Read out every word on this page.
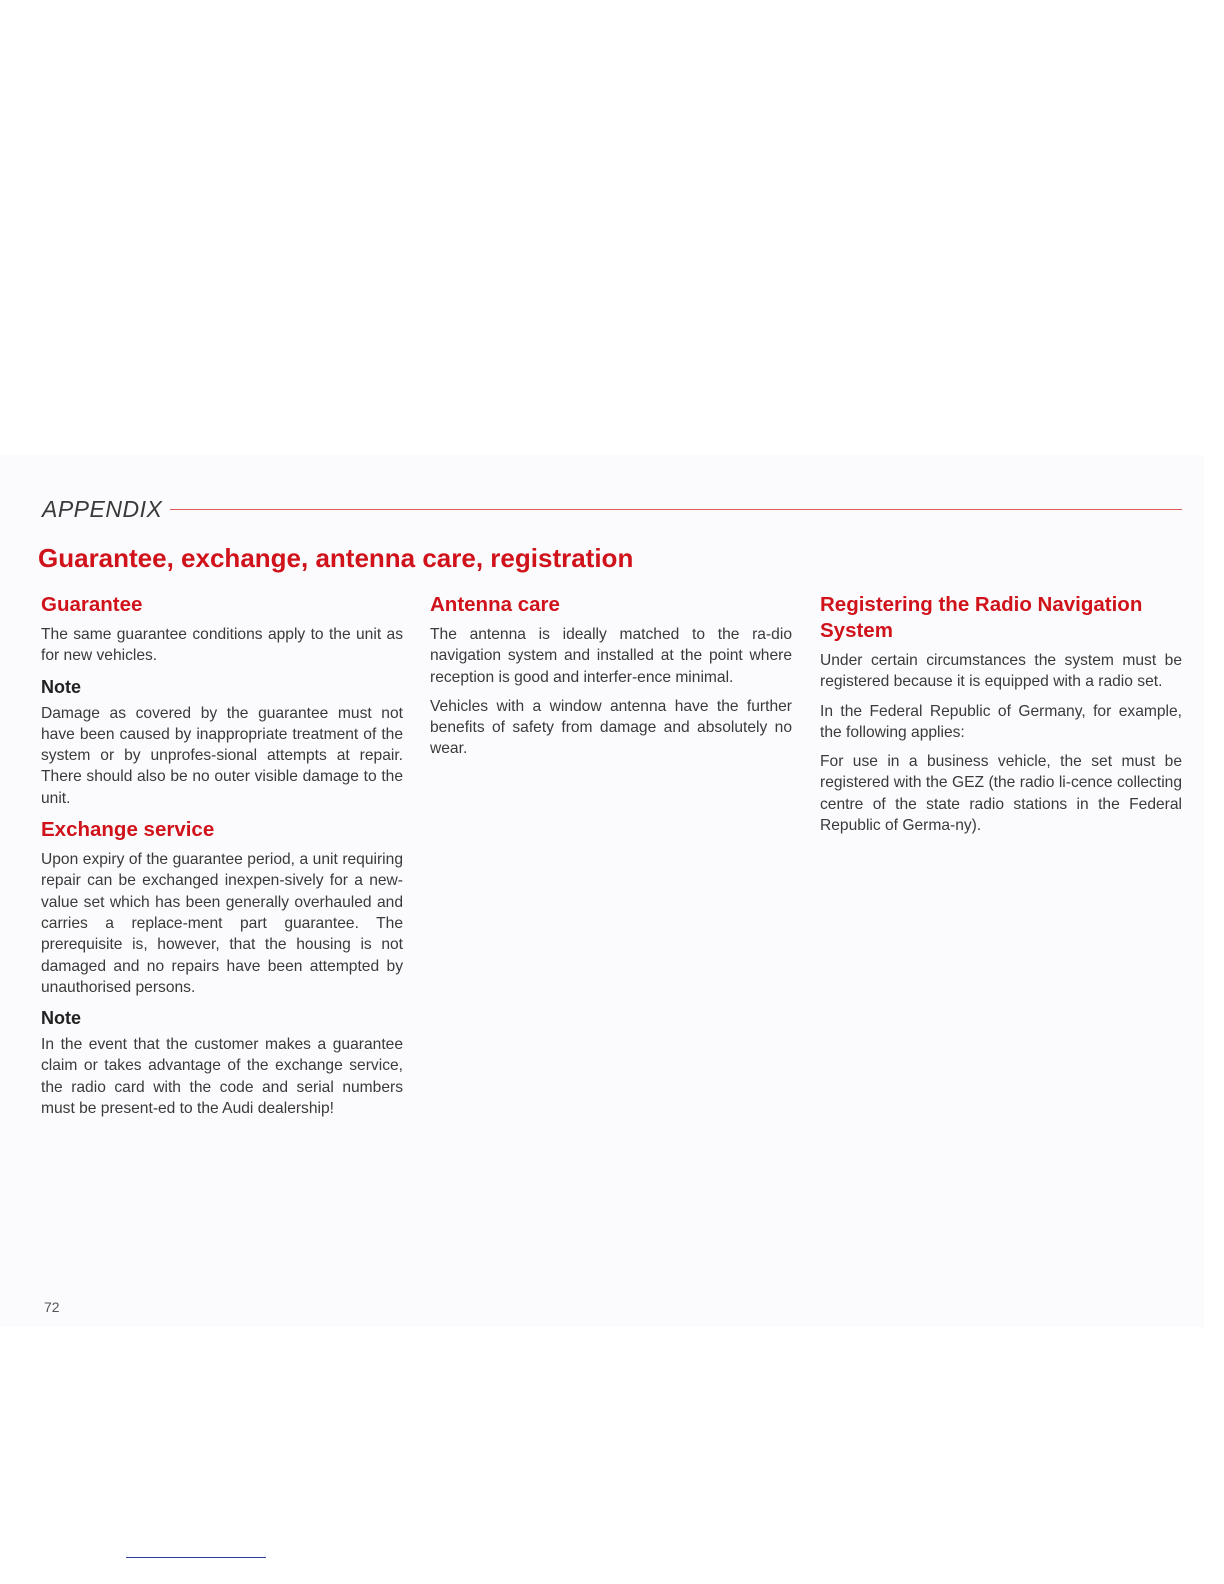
APPENDIX
Guarantee, exchange, antenna care, registration
Guarantee

The same guarantee conditions apply to the unit as for new vehicles.

Note

Damage as covered by the guarantee must not have been caused by inappropriate treatment of the system or by unprofes-sional attempts at repair. There should also be no outer visible damage to the unit.

Exchange service

Upon expiry of the guarantee period, a unit requiring repair can be exchanged inexpen-sively for a new-value set which has been generally overhauled and carries a replace-ment part guarantee. The prerequisite is, however, that the housing is not damaged and no repairs have been attempted by unauthorised persons.

Note

In the event that the customer makes a guarantee claim or takes advantage of the exchange service, the radio card with the code and serial numbers must be present-ed to the Audi dealership!

Antenna care

The antenna is ideally matched to the ra-dio navigation system and installed at the point where reception is good and interfer-ence minimal.

Vehicles with a window antenna have the further benefits of safety from damage and absolutely no wear.

Registering the Radio Navigation System

Under certain circumstances the system must be registered because it is equipped with a radio set.

In the Federal Republic of Germany, for example, the following applies:

For use in a business vehicle, the set must be registered with the GEZ (the radio li-cence collecting centre of the state radio stations in the Federal Republic of Germa-ny).

72
